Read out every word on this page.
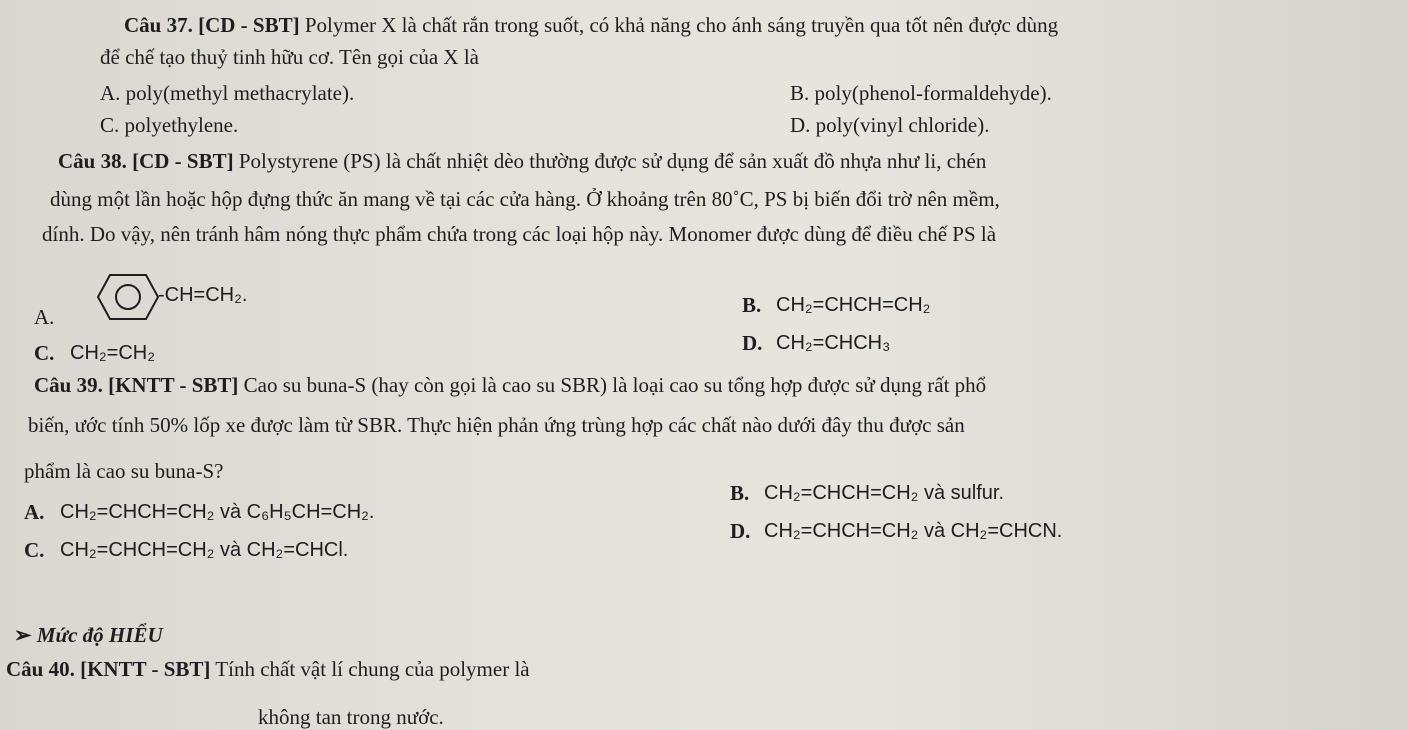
Câu 37. [CD - SBT] Polymer X là chất rắn trong suốt, có khả năng cho ánh sáng truyền qua tốt nên được dùng
để chế tạo thuỷ tinh hữu cơ. Tên gọi của X là
A. poly(methyl methacrylate).	B. poly(phenol-formaldehyde).
C. polyethylene.	D. poly(vinyl chloride).
Câu 38. [CD - SBT] Polystyrene (PS) là chất nhiệt dèo thường được sử dụng để sản xuất đồ nhựa như li, chén
dùng một lần hoặc hộp đựng thức ăn mang về tại các cửa hàng. Ở khoảng trên 80˚C, PS bị biến đổi trờ nên mềm,
dính. Do vậy, nên tránh hâm nóng thực phẩm chứa trong các loại hộp này. Monomer được dùng để điều chế PS là
A.
-CH=CH₂.	B. CH₂=CHCH=CH₂
C. CH₂=CH₂	D. CH₂=CHCH₃
Câu 39. [KNTT - SBT] Cao su buna-S (hay còn gọi là cao su SBR) là loại cao su tổng hợp được sử dụng rất phổ
biến, ước tính 50% lốp xe được làm từ SBR. Thực hiện phản ứng trùng hợp các chất nào dưới đây thu được sản
phẩm là cao su buna-S?
A. CH₂=CHCH=CH₂ và C₆H₅CH=CH₂.
B. CH₂=CHCH=CH₂ và sulfur.
C. CH₂=CHCH=CH₂ và CH₂=CHCl.
D. CH₂=CHCH=CH₂ và CH₂=CHCN.
➢ Mức độ HIỂU
Câu 40. [KNTT - SBT] Tính chất vật lí chung của polymer là
không tan trong nước.
